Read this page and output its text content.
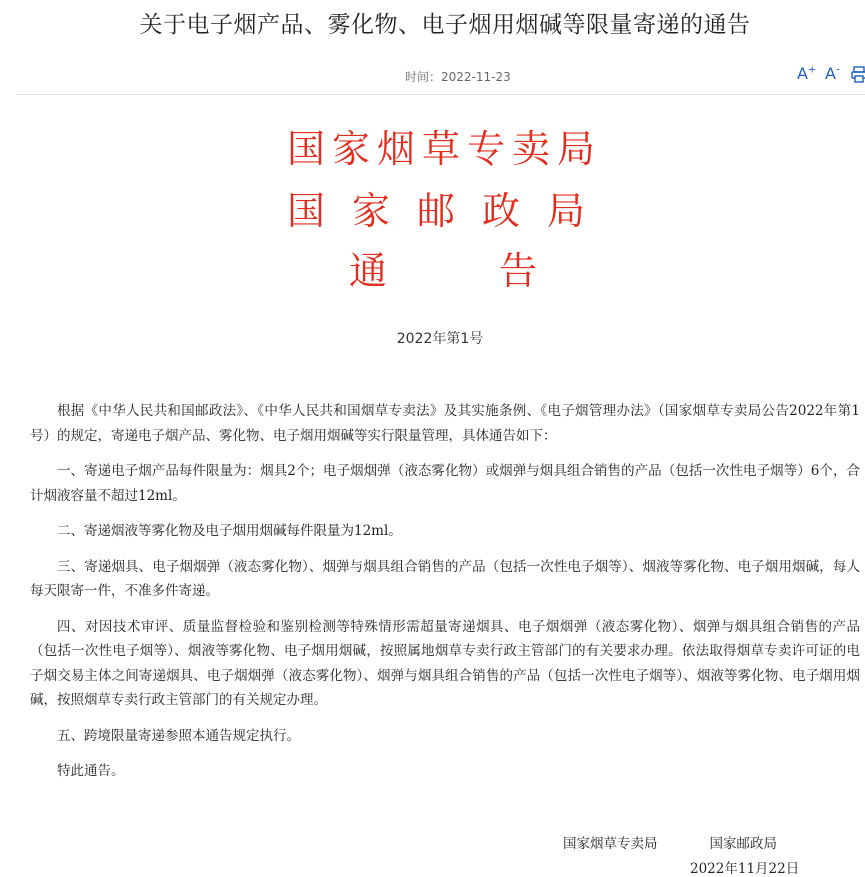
关于电子烟产品、雾化物、电子烟用烟碱等限量寄递的通告
时间：2022-11-23	A+ A-
国家烟草专卖局
国家邮政局
通告
2022年第1号

根据《中华人民共和国邮政法》、《中华人民共和国烟草专卖法》及其实施条例、《电子烟管理办法》（国家烟草专卖局公告2022年第1号）的规定，寄递电子烟产品、雾化物、电子烟用烟碱等实行限量管理，具体通告如下：

一、寄递电子烟产品每件限量为：烟具2个；电子烟烟弹（液态雾化物）或烟弹与烟具组合销售的产品（包括一次性电子烟等）6个，合计烟液容量不超过12ml。

二、寄递烟液等雾化物及电子烟用烟碱每件限量为12ml。

三、寄递烟具、电子烟烟弹（液态雾化物）、烟弹与烟具组合销售的产品（包括一次性电子烟等）、烟液等雾化物、电子烟用烟碱，每人每天限寄一件，不准多件寄递。

四、对因技术审评、质量监督检验和鉴别检测等特殊情形需超量寄递烟具、电子烟烟弹（液态雾化物）、烟弹与烟具组合销售的产品（包括一次性电子烟等）、烟液等雾化物、电子烟用烟碱，按照属地烟草专卖行政主管部门的有关要求办理。依法取得烟草专卖许可证的电子烟交易主体之间寄递烟具、电子烟烟弹（液态雾化物）、烟弹与烟具组合销售的产品（包括一次性电子烟等）、烟液等雾化物、电子烟用烟碱，按照烟草专卖行政主管部门的有关规定办理。

五、跨境限量寄递参照本通告规定执行。

特此通告。

国家烟草专卖局	国家邮政局
2022年11月22日
